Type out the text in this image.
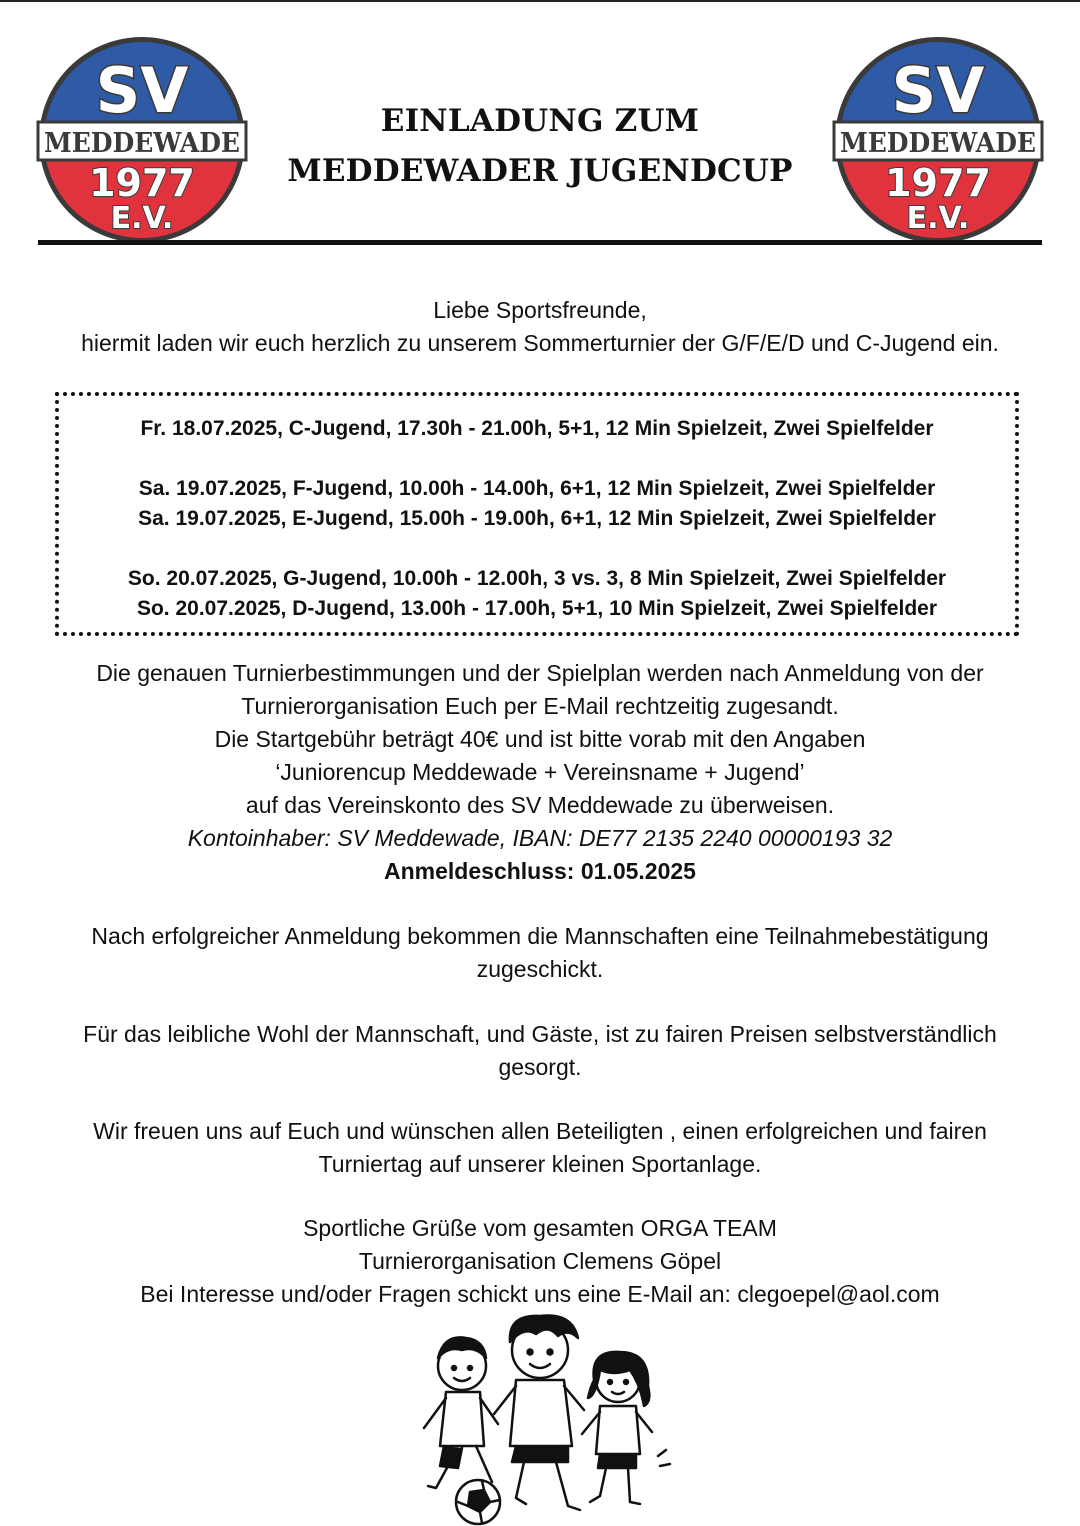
SV
MEDDEWADE
1977
E.V.
SV
MEDDEWADE
1977
E.V.
EINLADUNG ZUM
MEDDEWADER JUGENDCUP
Liebe Sportsfreunde,
hiermit laden wir euch herzlich zu unserem Sommerturnier der G/F/E/D und C-Jugend ein.
Fr. 18.07.2025, C-Jugend, 17.30h - 21.00h, 5+1, 12 Min Spielzeit, Zwei Spielfelder
Sa. 19.07.2025, F-Jugend, 10.00h - 14.00h, 6+1, 12 Min Spielzeit, Zwei Spielfelder
Sa. 19.07.2025, E-Jugend, 15.00h - 19.00h, 6+1, 12 Min Spielzeit, Zwei Spielfelder
So. 20.07.2025, G-Jugend, 10.00h - 12.00h, 3 vs. 3, 8 Min Spielzeit, Zwei Spielfelder
So. 20.07.2025, D-Jugend, 13.00h - 17.00h, 5+1, 10 Min Spielzeit, Zwei Spielfelder
Die genauen Turnierbestimmungen und der Spielplan werden nach Anmeldung von der
Turnierorganisation Euch per E-Mail rechtzeitig zugesandt.
Die Startgebühr beträgt 40€ und ist bitte vorab mit den Angaben
‘Juniorencup Meddewade + Vereinsname + Jugend’
auf das Vereinskonto des SV Meddewade zu überweisen.
Kontoinhaber: SV Meddewade, IBAN: DE77 2135 2240 00000193 32
Anmeldeschluss: 01.05.2025
Nach erfolgreicher Anmeldung bekommen die Mannschaften eine Teilnahmebestätigung
zugeschickt.
Für das leibliche Wohl der Mannschaft, und Gäste, ist zu fairen Preisen selbstverständlich
gesorgt.
Wir freuen uns auf Euch und wünschen allen Beteiligten , einen erfolgreichen und fairen
Turniertag auf unserer kleinen Sportanlage.
Sportliche Grüße vom gesamten ORGA TEAM
Turnierorganisation Clemens Göpel
Bei Interesse und/oder Fragen schickt uns eine E-Mail an: clegoepel@aol.com
